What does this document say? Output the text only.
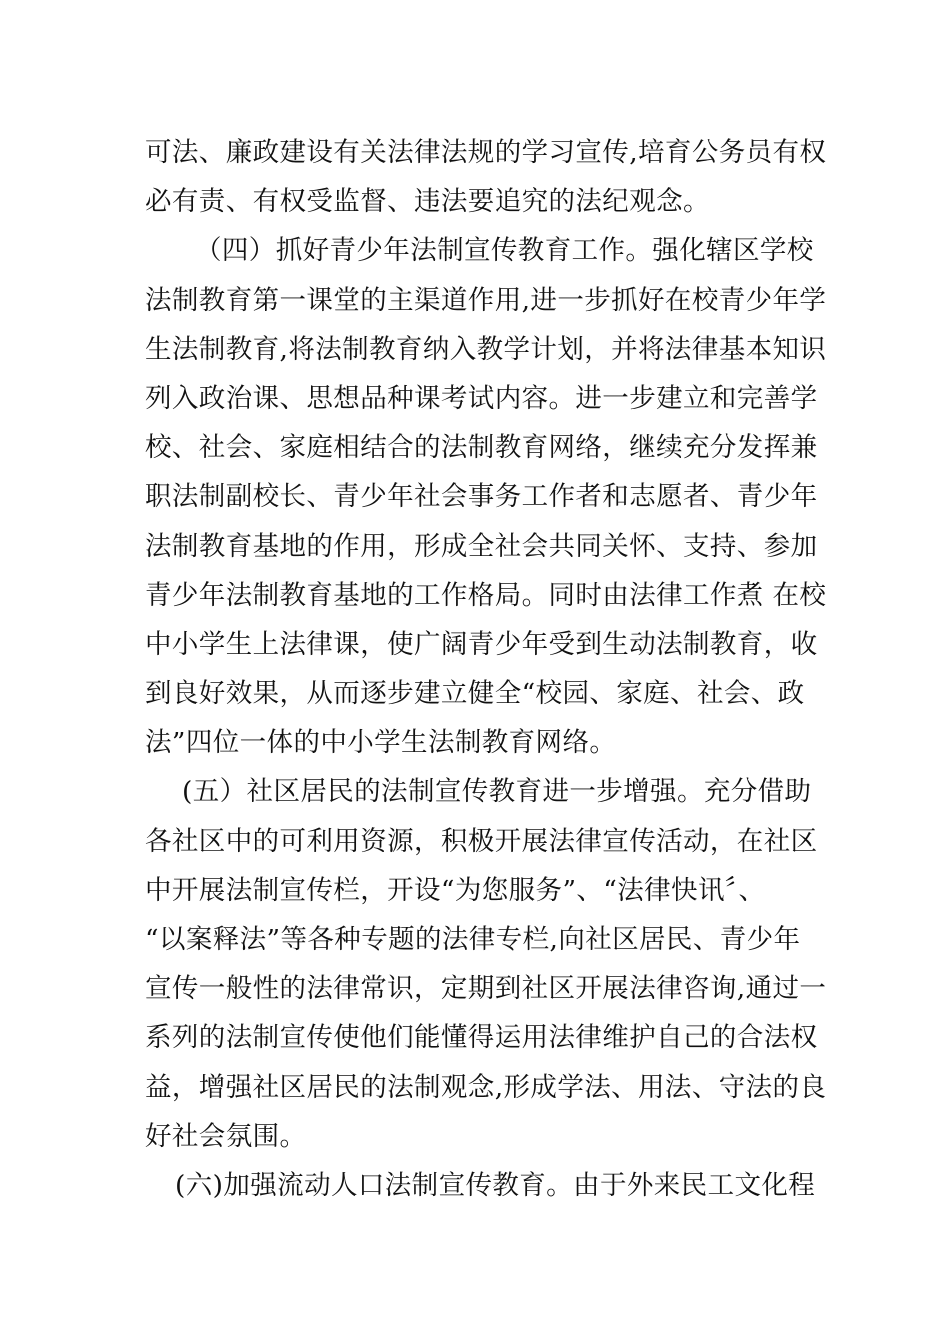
可法、廉政建设有关法律法规的学习宣传,培育公务员有权
必有责、有权受监督、违法要追究的法纪观念。
（四）抓好青少年法制宣传教育工作。强化辖区学校
法制教育第一课堂的主渠道作用,进一步抓好在校青少年学
生法制教育,将法制教育纳入教学计划，并将法律基本知识
列入政治课、思想品种课考试内容。进一步建立和完善学
校、社会、家庭相结合的法制教育网络，继续充分发挥兼
职法制副校长、青少年社会事务工作者和志愿者、青少年
法制教育基地的作用，形成全社会共同关怀、支持、参加
青少年法制教育基地的工作格局。同时由法律工作煮 在校
中小学生上法律课，使广阔青少年受到生动法制教育，收
到良好效果，从而逐步建立健全“校园、家庭、社会、政
法”四位一体的中小学生法制教育网络。
(五）社区居民的法制宣传教育进一步增强。充分借助
各社区中的可利用资源，积极开展法律宣传活动，在社区
中开展法制宣传栏，开设“为您服务”、“法律快讯〞、
“以案释法”等各种专题的法律专栏,向社区居民、青少年
宣传一般性的法律常识，定期到社区开展法律咨询,通过一
系列的法制宣传使他们能懂得运用法律维护自己的合法权
益，增强社区居民的法制观念,形成学法、用法、守法的良
好社会氛围。
(六)加强流动人口法制宣传教育。由于外来民工文化程
